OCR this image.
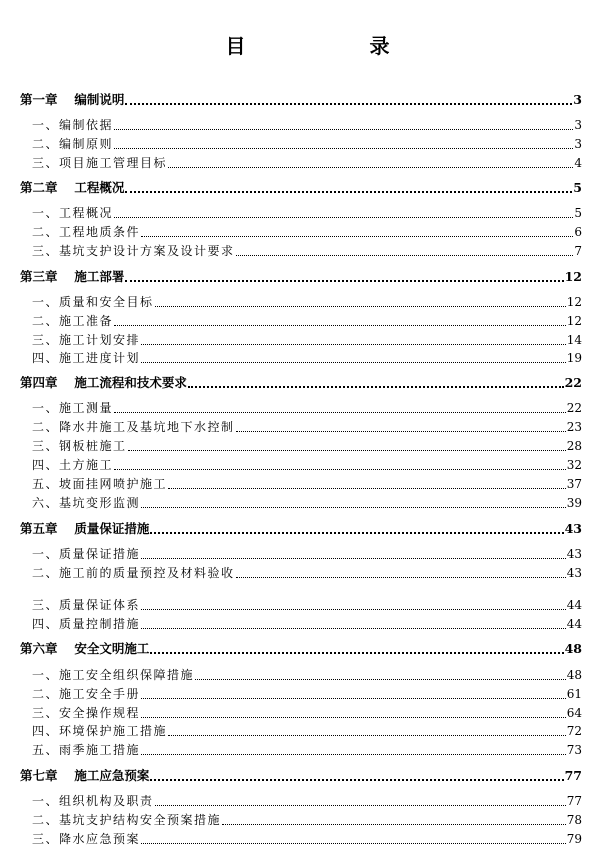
目　　录
第一章　 编制说明	3
一、编制依据	3
二、编制原则	3
三、项目施工管理目标	4
第二章　 工程概况	5
一、工程概况	5
二、工程地质条件	6
三、基坑支护设计方案及设计要求	7
第三章　 施工部署	12
一、质量和安全目标	12
二、施工准备	12
三、施工计划安排	14
四、施工进度计划	19
第四章　 施工流程和技术要求	22
一、施工测量	22
二、降水井施工及基坑地下水控制	23
三、钢板桩施工	28
四、土方施工	32
五、坡面挂网喷护施工	37
六、基坑变形监测	39
第五章　 质量保证措施	43
一、质量保证措施	43
二、施工前的质量预控及材料验收	43
三、质量保证体系	44
四、质量控制措施	44
第六章　 安全文明施工	48
一、施工安全组织保障措施	48
二、施工安全手册	61
三、安全操作规程	64
四、环境保护施工措施	72
五、雨季施工措施	73
第七章　 施工应急预案	77
一、组织机构及职责	77
二、基坑支护结构安全预案措施	78
三、降水应急预案	79
